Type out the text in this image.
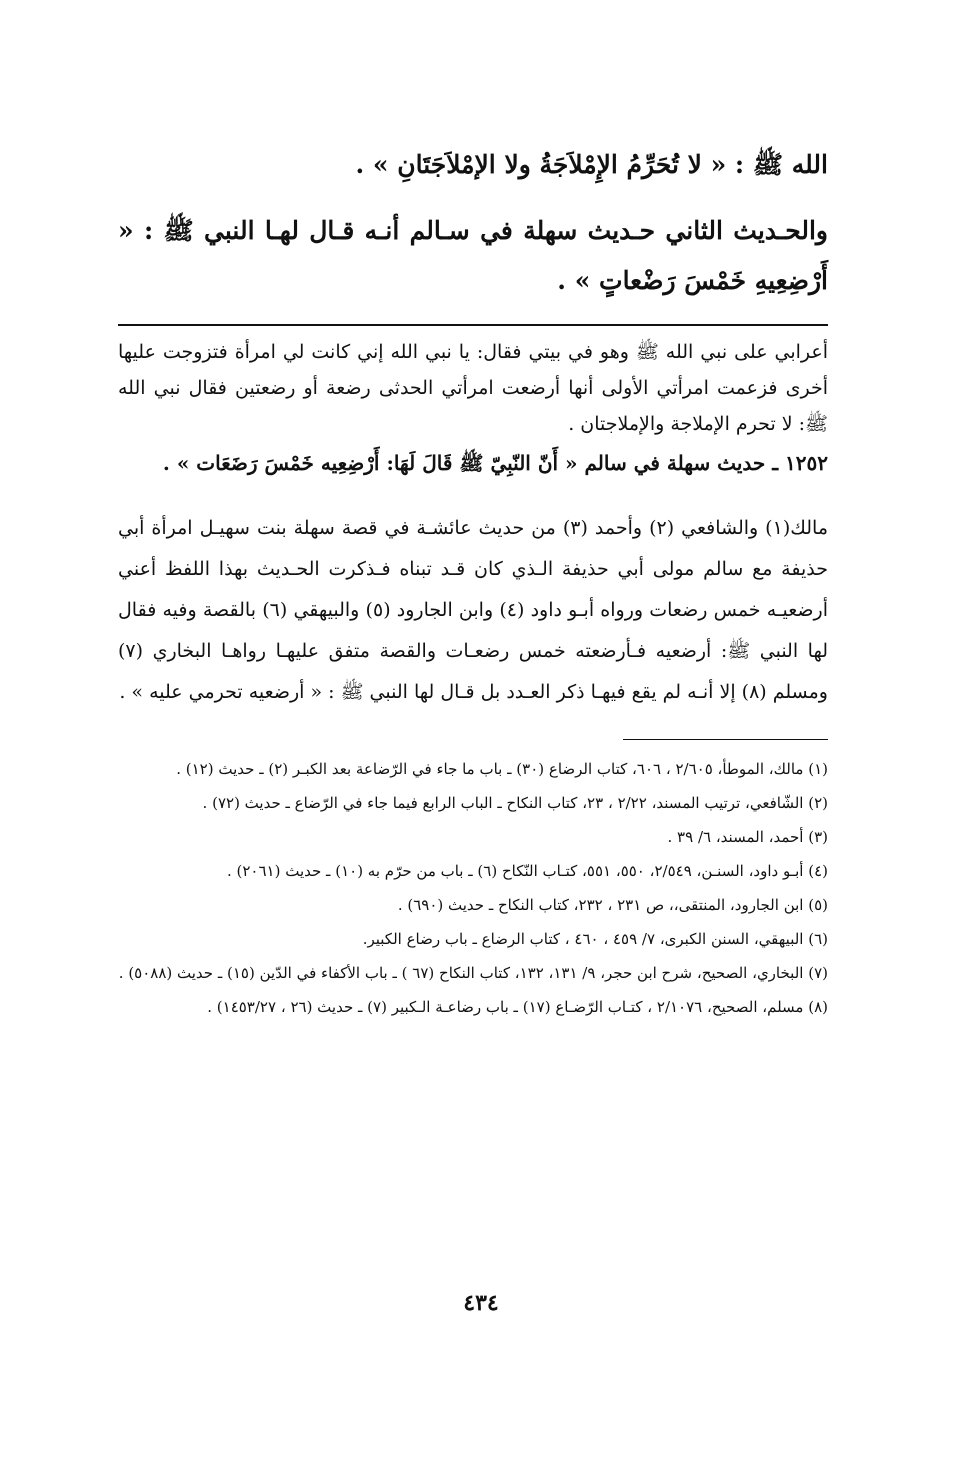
الله ﷺ : « لا تُحَرِّمُ الإِمْلاَجَةُ ولا الإمْلاَجَتَانِ » .
والحـديث الثاني حـديث سهلة في سـالم أنـه قـال لهـا النبي ﷺ : « أَرْضِعِيهِ خَمْسَ رَضْعاتٍ » .

أعرابي على نبي الله ﷺ وهو في بيتي فقال: يا نبي الله إني كانت لي امرأة فتزوجت عليها أخرى فزعمت امرأتي الأولى أنها أرضعت امرأتي الحدثى رضعة أو رضعتين فقال نبي الله ﷺ: لا تحرم الإملاجة والإملاجتان .

١٢٥٢ ـ حديث سهلة في سالم « أَنّ النّبِيّ ﷺ قَالَ لَهَا: أَرْضِعِيه خَمْسَ رَضَعَات » .

مالك(١) والشافعي (٢) وأحمد (٣) من حديث عائشـة في قصة سهلة بنت سهيـل امرأة أبي حذيفة مع سالم مولى أبي حذيفة الـذي كان قـد تبناه فـذكرت الحـديث بهذا اللفظ أعني أرضعيـه خمس رضعات ورواه أبـو داود (٤) وابن الجارود (٥) والبيهقي (٦) بالقصة وفيه فقال لها النبي ﷺ: أرضعيه فـأرضعته خمس رضعـات والقصة متفق عليهـا رواهـا البخاري (٧) ومسلم (٨) إلا أنـه لم يقع فيهـا ذكر العـدد بل قـال لها النبي ﷺ : « أرضعيه تحرمي عليه » .

(١) مالك، الموطأ، ٢/٦٠٥ ، ٦٠٦، كتاب الرضاع (٣٠) ـ باب ما جاء في الرّضاعة بعد الكبـر (٢) ـ حديث (١٢) .

(٢) الشّافعي، ترتيب المسند، ٢/٢٢ ، ٢٣، كتاب النكاح ـ الباب الرابع فيما جاء في الرّضاع ـ حديث (٧٢) .

(٣) أحمد، المسند، ٦/ ٣٩ .

(٤) أبـو داود، السنـن، ٢/٥٤٩، ٥٥٠، ٥٥١، كتـاب النّكاح (٦) ـ باب من حرّم به (١٠) ـ حديث (٢٠٦١) .

(٥) ابن الجارود، المنتقى،، ص ٢٣١ ، ٢٣٢، كتاب النكاح ـ حديث (٦٩٠) .

(٦) البيهقي، السنن الكبرى، ٧/ ٤٥٩ ، ٤٦٠ ، كتاب الرضاع ـ باب رضاع الكبير.

(٧) البخاري، الصحيح، شرح ابن حجر، ٩/ ١٣١، ١٣٢، كتاب النكاح (٦٧ ) ـ باب الأكفاء في الدّين (١٥) ـ حديث (٥٠٨٨) .

(٨) مسلم، الصحيح، ٢/١٠٧٦ ، كتـاب الرّضـاع (١٧) ـ باب رضاعـة الـكبير (٧) ـ حديث (٢٦ ، ١٤٥٣/٢٧) .

٤٣٤
